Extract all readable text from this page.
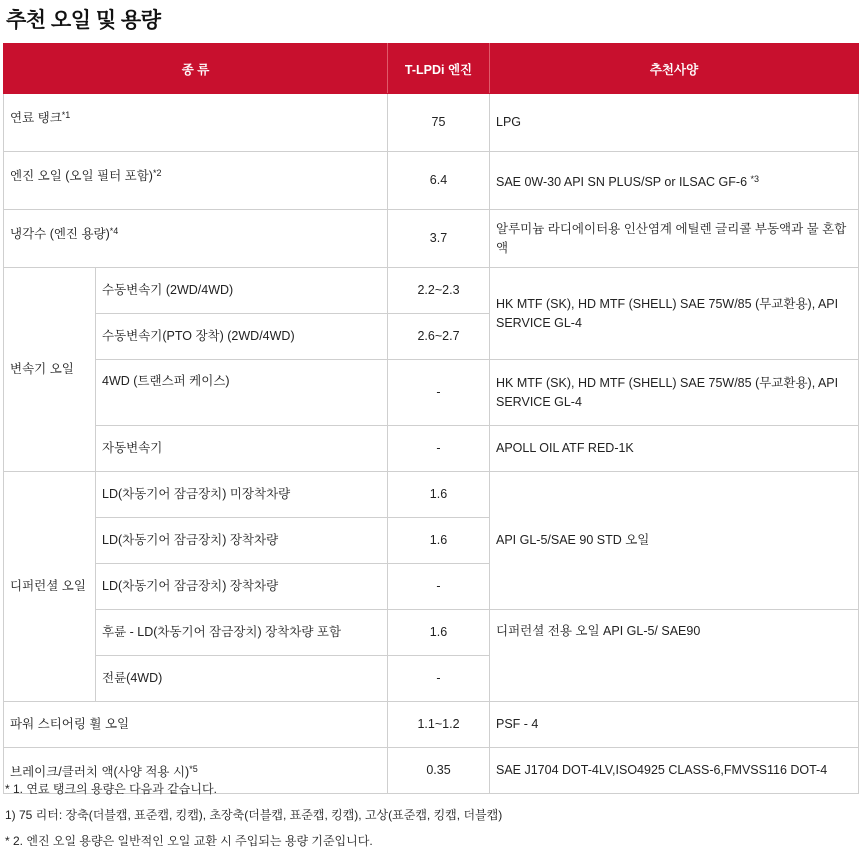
추천 오일 및 용량
종 류		T-LPDi 엔진	추천사양
연료 탱크$^{*1}$		75	LPG
엔진 오일 (오일 필터 포함)$^{*2}$		6.4	SAE 0W-30 API SN PLUS/SP or ILSAC GF-6 $^{*3}$
냉각수 (엔진 용량)$^{*4}$		3.7	알루미늄 라디에이터용 인산염계 에틸렌 글리콜 부동액과 물 혼합액
변속기 오일	수동변속기 (2WD/4WD)	2.2~2.3	HK MTF (SK), HD MTF (SHELL) SAE 75W/85 (무교환용), API SERVICE GL-4
	수동변속기(PTO 장착) (2WD/4WD)	2.6~2.7	
	4WD (트랜스퍼 케이스)	-	HK MTF (SK), HD MTF (SHELL) SAE 75W/85 (무교환용), API SERVICE GL-4
	자동변속기	-	APOLL OIL ATF RED-1K
디퍼런셜 오일	LD(차동기어 잠금장치) 미장착차량	1.6	API GL-5/SAE 90 STD 오일
	LD(차동기어 잠금장치) 장착차량	1.6	
	LD(차동기어 잠금장치) 장착차량	-	
	후륜 - LD(차동기어 잠금장치) 장착차량 포함	1.6	디퍼런셜 전용 오일 API GL-5/ SAE90
	전륜(4WD)	-	
파워 스티어링 휠 오일		1.1~1.2	PSF - 4
브레이크/클러치 액(사양 적용 시)$^{*5}$		0.35	SAE J1704 DOT-4LV,ISO4925 CLASS-6,FMVSS116 DOT-4
* 1. 연료 탱크의 용량은 다음과 같습니다.
1) 75 리터: 장축(더블캡, 표준캡, 킹캡), 초장축(더블캡, 표준캡, 킹캡), 고상(표준캡, 킹캡, 더블캡)
* 2. 엔진 오일 용량은 일반적인 오일 교환 시 주입되는 용량 기준입니다.
